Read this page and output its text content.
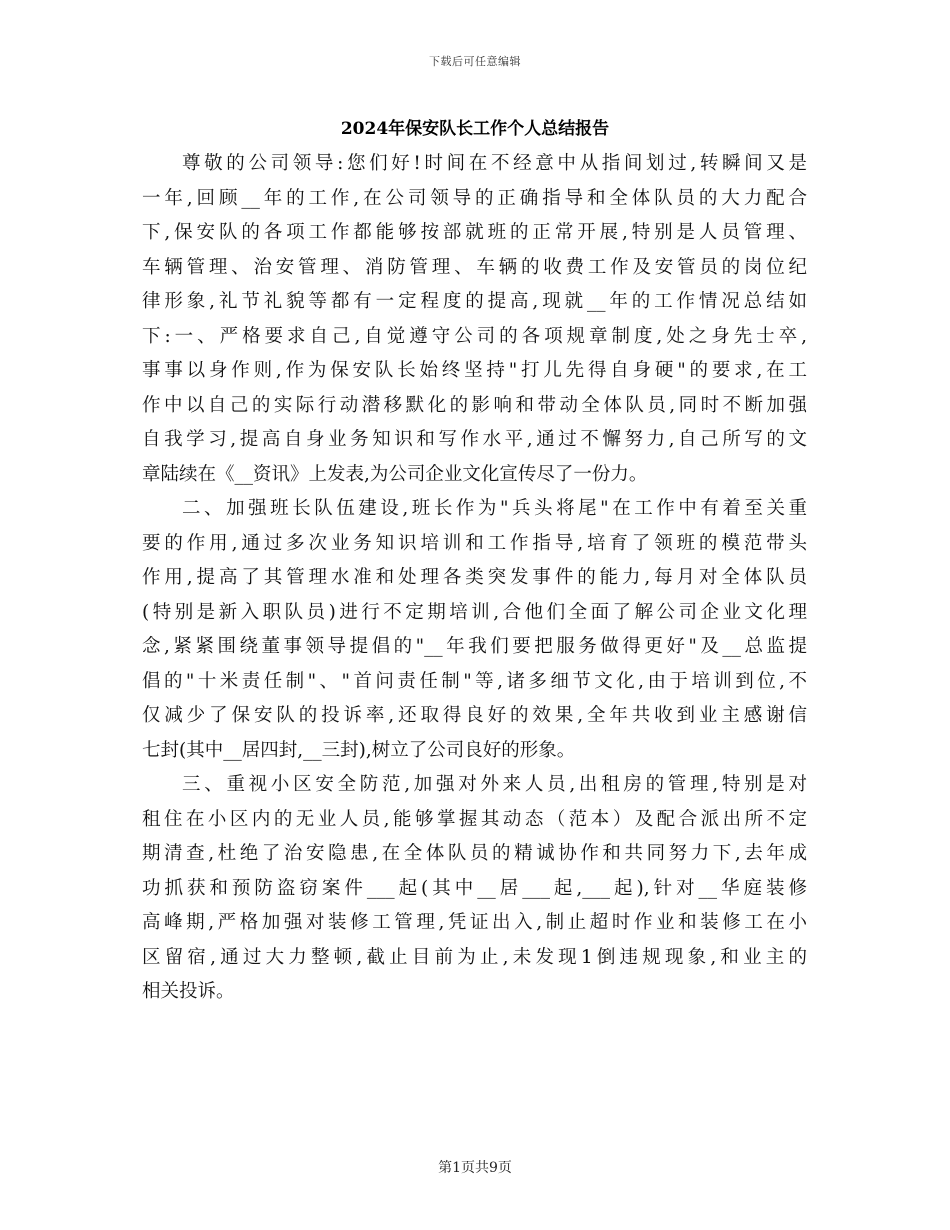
下载后可任意编辑
2024年保安队长工作个人总结报告
尊敬的公司领导:您们好!时间在不经意中从指间划过,转瞬间又是
一年,回顾__年的工作,在公司领导的正确指导和全体队员的大力配合
下,保安队的各项工作都能够按部就班的正常开展,特别是人员管理、
车辆管理、治安管理、消防管理、车辆的收费工作及安管员的岗位纪
律形象,礼节礼貌等都有一定程度的提高,现就__年的工作情况总结如
下:一、严格要求自己,自觉遵守公司的各项规章制度,处之身先士卒,
事事以身作则,作为保安队长始终坚持"打儿先得自身硬"的要求,在工
作中以自己的实际行动潜移默化的影响和带动全体队员,同时不断加强
自我学习,提高自身业务知识和写作水平,通过不懈努力,自己所写的文
章陆续在《__资讯》上发表,为公司企业文化宣传尽了一份力。
二、加强班长队伍建设,班长作为"兵头将尾"在工作中有着至关重
要的作用,通过多次业务知识培训和工作指导,培育了领班的模范带头
作用,提高了其管理水准和处理各类突发事件的能力,每月对全体队员
(特别是新入职队员)进行不定期培训,合他们全面了解公司企业文化理
念,紧紧围绕董事领导提倡的"__年我们要把服务做得更好"及__总监提
倡的"十米责任制"、"首问责任制"等,诸多细节文化,由于培训到位,不
仅减少了保安队的投诉率,还取得良好的效果,全年共收到业主感谢信
七封(其中__居四封,__三封),树立了公司良好的形象。
三、重视小区安全防范,加强对外来人员,出租房的管理,特别是对
租住在小区内的无业人员,能够掌握其动态（范本）及配合派出所不定
期清查,杜绝了治安隐患,在全体队员的精诚协作和共同努力下,去年成
功抓获和预防盗窃案件___起(其中__居___起,___起),针对__华庭装修
高峰期,严格加强对装修工管理,凭证出入,制止超时作业和装修工在小
区留宿,通过大力整顿,截止目前为止,未发现1倒违规现象,和业主的
相关投诉。
第1页共9页
